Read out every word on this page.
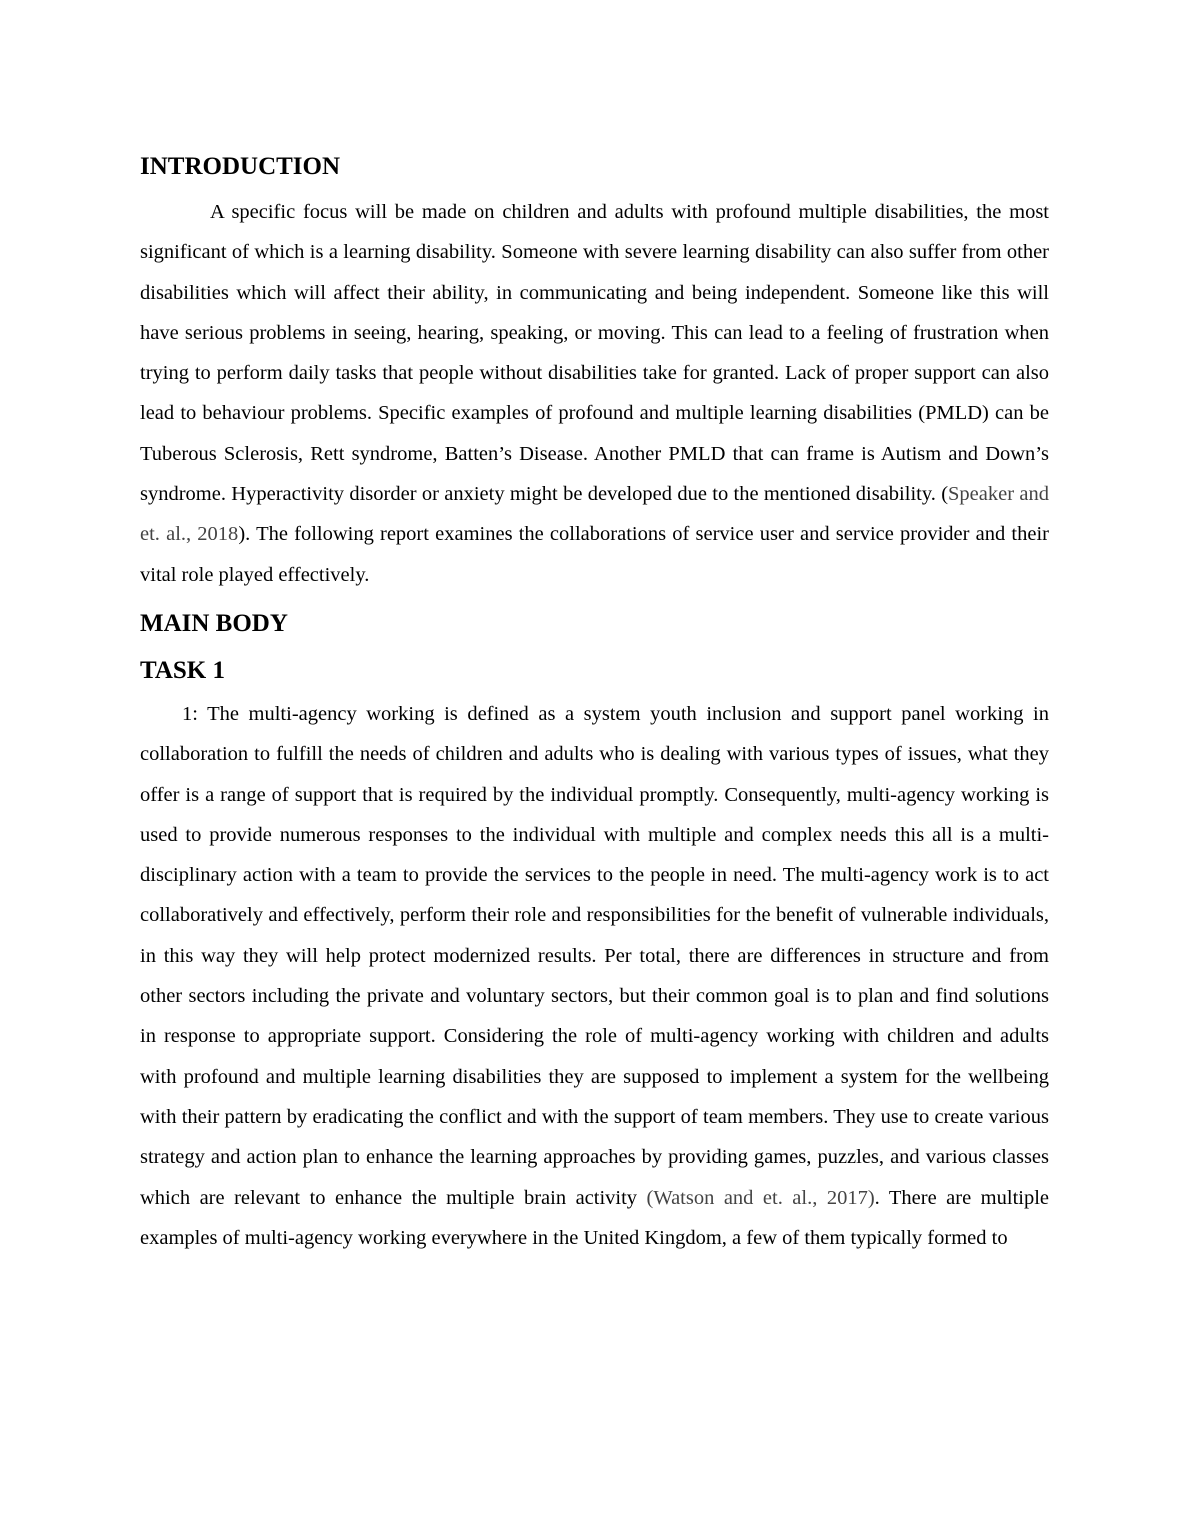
INTRODUCTION

A specific focus will be made on children and adults with profound multiple disabilities, the most significant of which is a learning disability. Someone with severe learning disability can also suffer from other disabilities which will affect their ability, in communicating and being independent. Someone like this will have serious problems in seeing, hearing, speaking, or moving. This can lead to a feeling of frustration when trying to perform daily tasks that people without disabilities take for granted. Lack of proper support can also lead to behaviour problems. Specific examples of profound and multiple learning disabilities (PMLD) can be Tuberous Sclerosis, Rett syndrome, Batten’s Disease. Another PMLD that can frame is Autism and Down’s syndrome. Hyperactivity disorder or anxiety might be developed due to the mentioned disability. (Speaker and et. al., 2018). The following report examines the collaborations of service user and service provider and their vital role played effectively.

MAIN BODY
TASK 1

1: The multi-agency working is defined as a system youth inclusion and support panel working in collaboration to fulfill the needs of children and adults who is dealing with various types of issues, what they offer is a range of support that is required by the individual promptly. Consequently, multi-agency working is used to provide numerous responses to the individual with multiple and complex needs this all is a multi-disciplinary action with a team to provide the services to the people in need. The multi-agency work is to act collaboratively and effectively, perform their role and responsibilities for the benefit of vulnerable individuals, in this way they will help protect modernized results. Per total, there are differences in structure and from other sectors including the private and voluntary sectors, but their common goal is to plan and find solutions in response to appropriate support. Considering the role of multi-agency working with children and adults with profound and multiple learning disabilities they are supposed to implement a system for the wellbeing with their pattern by eradicating the conflict and with the support of team members. They use to create various strategy and action plan to enhance the learning approaches by providing games, puzzles, and various classes which are relevant to enhance the multiple brain activity (Watson and et. al., 2017). There are multiple examples of multi-agency working everywhere in the United Kingdom, a few of them typically formed to
